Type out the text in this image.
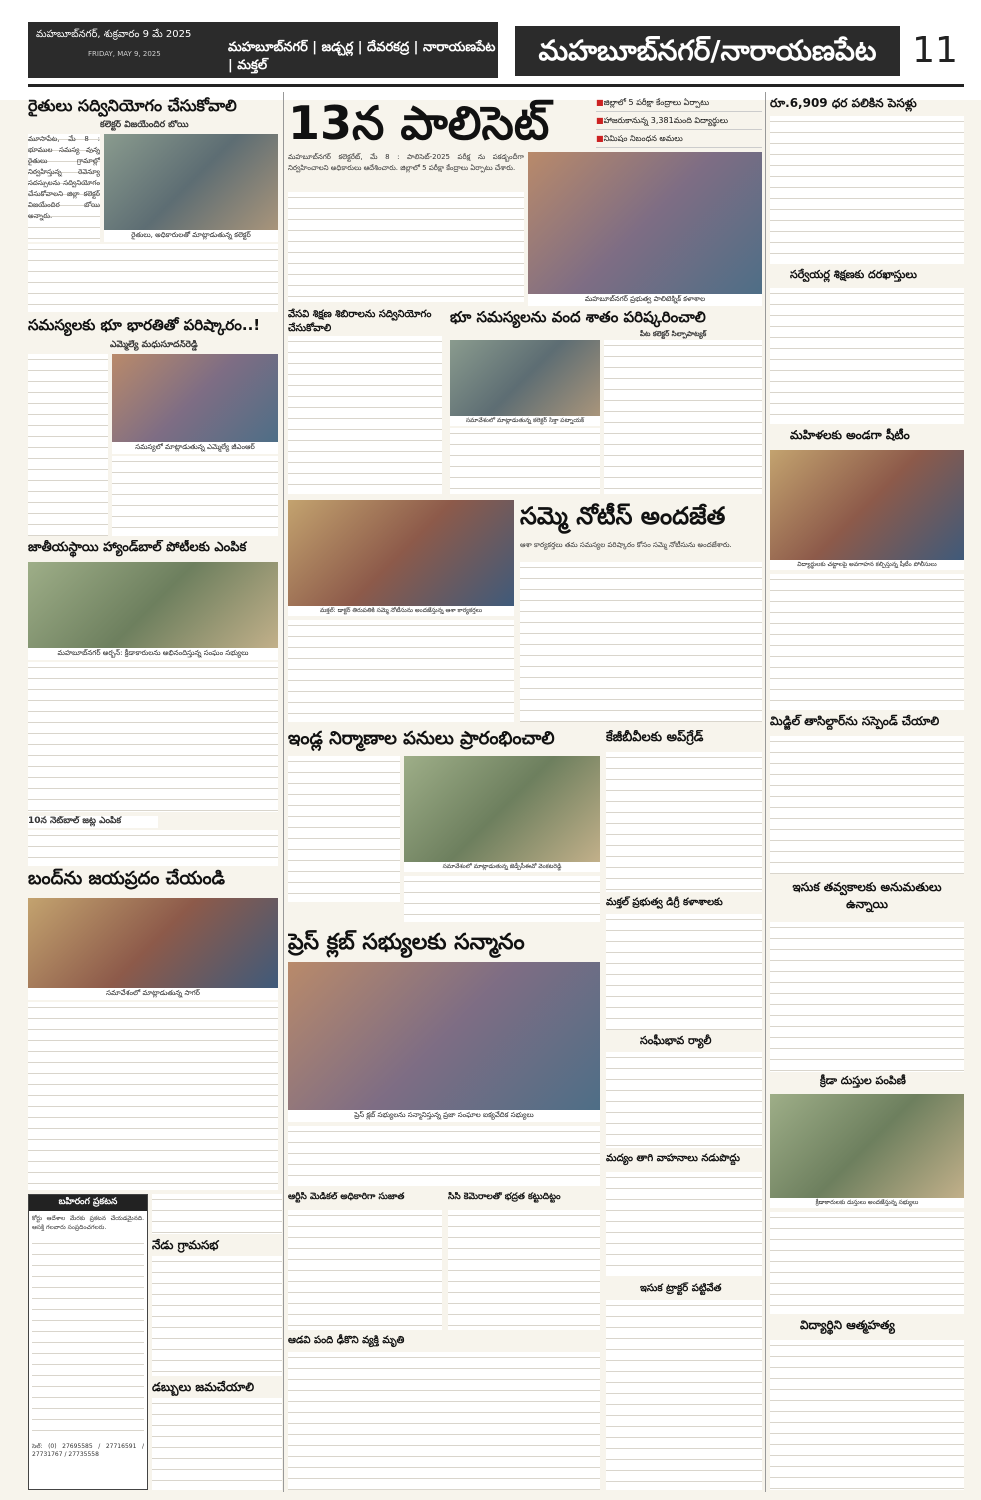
మహబూబ్‌నగర్, శుక్రవారం 9 మే 2025
FRIDAY, MAY 9, 2025	మహబూబ్‌నగర్ | జడ్చర్ల | దేవరకద్ర | నారాయణపేట | మక్తల్	మహబూబ్‌నగర్/నారాయణపేట 11
రైతులు సద్వినియోగం చేసుకోవాలి
కలెక్టర్ విజయేందిర బోయి
మూసాపేట, మే 8 : భూముల సమస్య వున్న రైతులు గ్రామాల్లో నిర్వహిస్తున్న రెవెన్యూ సదస్సులను సద్వినియోగం చేసుకోవాలని జిల్లా కలెక్టర్ విజయేందిర బోయి అన్నారు.
రైతులు, అధికారులతో మాట్లాడుతున్న కలెక్టర్
సమస్యలకు భూ భారతితో పరిష్కారం..!
ఎమ్మెల్యే మధుసూదన్‌రెడ్డి
సమస్యలో మాట్లాడుతున్న ఎమ్మెల్యే జీఎంఆర్
జాతీయస్థాయి హ్యాండ్‌బాల్ పోటీలకు ఎంపిక
మహబూబ్‌నగర్ అర్బన్: క్రీడాకారులను అభినందిస్తున్న సంఘం సభ్యులు
10న నెట్‌బాల్ జట్ల ఎంపిక
బంద్‌ను జయప్రదం చేయండి
సమావేశంలో మాట్లాడుతున్న సాగర్
బహిరంగ ప్రకటన
కోర్టు ఆదేశాల మేరకు ప్రకటన చేయడమైనది. ఆసక్తి గలవారు సంప్రదించగలరు.
సెల్: (0) 27695585 / 27716591 / 27731767 / 27735558
13న పాలిసెట్
■	జిల్లాలో 5 పరీక్షా కేంద్రాలు ఏర్పాటు
■ హాజరుకానున్న 3,381మంది విద్యార్థులు
■ నిమిషం నిబంధన అమలు
మహబూబ్‌నగర్ కలెక్టరేట్, మే 8 : పాలిసెట్-2025 పరీక్ష ను పకడ్బందీగా నిర్వహించాలని అధికారులు ఆదేశించారు. జిల్లాలో 5 పరీక్షా కేంద్రాలు ఏర్పాటు చేశారు.
మహబూబ్‌నగర్ ప్రభుత్వ పాలిటెక్నిక్ కళాశాల
వేసవి శిక్షణ శిబిరాలను సద్వినియోగం చేసుకోవాలి
భూ సమస్యలను వంద శాతం పరిష్కరించాలి
పీట కలెక్టర్ సిల్పాపాట్యక్
సమావేశంలో మాట్లాడుతున్న కలెక్టర్ సిక్తా పట్నాయక్
మక్తల్: డాక్టర్ తిరుపతికి సమ్మె నోటీసును అందజేస్తున్న ఆశా కార్యకర్తలు
సమ్మె నోటీస్ అందజేత
ఆశా కార్యకర్తలు తమ సమస్యల పరిష్కారం కోసం సమ్మె నోటీసును అందజేశారు.
ఇండ్ల నిర్మాణాల పనులు ప్రారంభించాలి
సమావేశంలో మాట్లాడుతున్న జెడ్పీసీఈవో వెంకటరెడ్డి
కేజీబీవీలకు అప్‌గ్రేడ్
మక్తల్ ప్రభుత్వ డిగ్రీ కళాశాలకు
సంఘీభావ ర్యాలీ
మద్యం తాగి వాహనాలు నడుపొద్దు
ఇసుక ట్రాక్టర్ పట్టివేత
ప్రెస్ క్లబ్ సభ్యులకు సన్మానం
ప్రెస్ క్లబ్ సభ్యులను సన్మానిస్తున్న ప్రజా సంఘాల ఐక్యవేదిక సభ్యులు
నేడు గ్రామసభ
డబ్బులు జమచేయాలి
ఆర్టీసీ మెడికల్ అధికారిగా సుజాత	సీసీ కెమెరాలతో భద్రత కట్టుదిట్టం
ఆడవి పంది ఢీకొని వ్యక్తి మృతి
రూ.6,909 ధర పలికిన పెసళ్లు
సర్వేయర్ల శిక్షణకు దరఖాస్తులు
మహిళలకు అండగా షీటీం
విద్యార్థులకు చట్టాలపై అవగాహన కల్పిస్తున్న షీటీం పోలీసులు
మిడ్జిల్ తాసిల్దార్‌ను సస్పెండ్ చేయాలి
ఇసుక తవ్వకాలకు అనుమతులు ఉన్నాయి
క్రీడా దుస్తుల పంపిణీ
క్రీడాకారులకు దుస్తులు అందజేస్తున్న సభ్యులు
విద్యార్థిని ఆత్మహత్య
